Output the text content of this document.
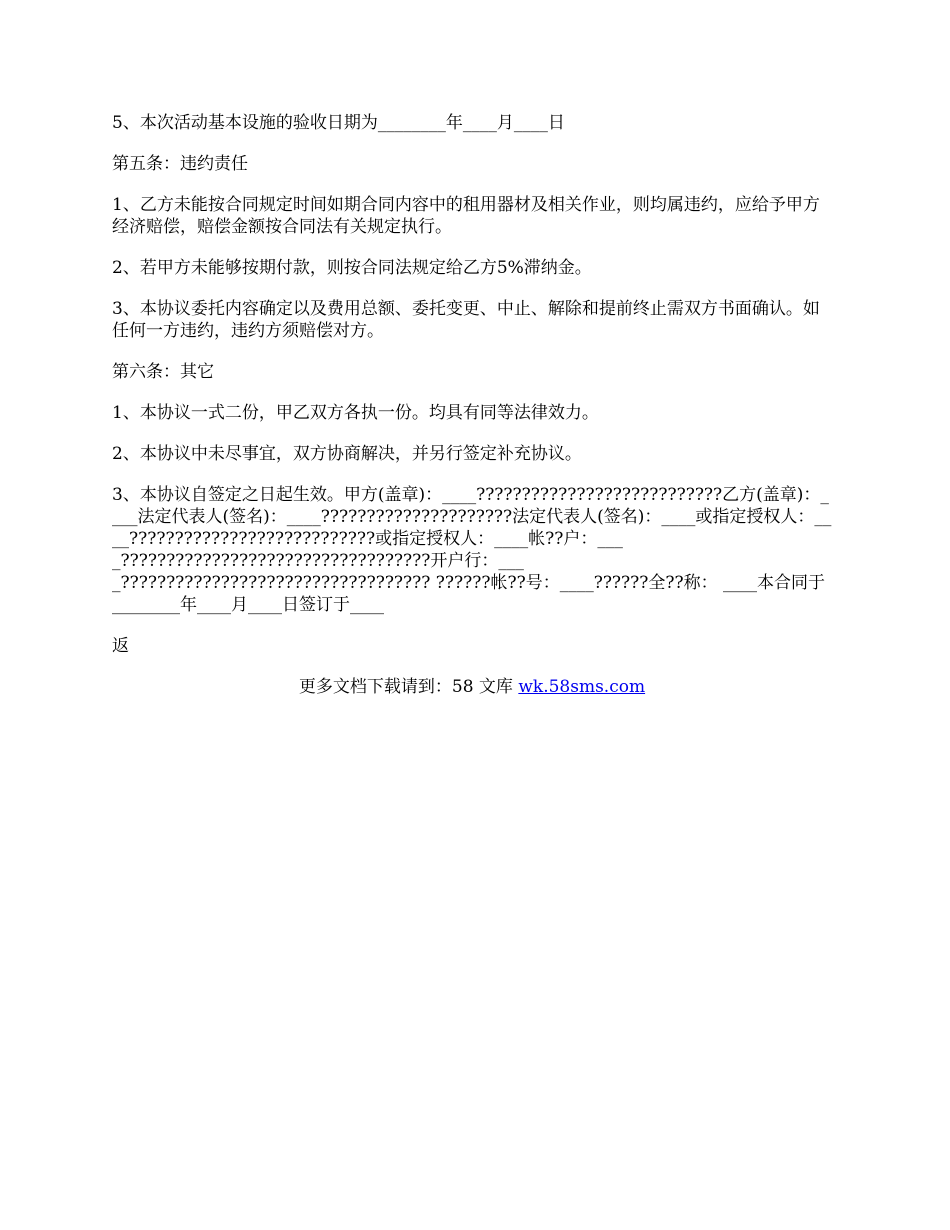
5、本次活动基本设施的验收日期为________年____月____日

第五条：违约责任

1、乙方未能按合同规定时间如期合同内容中的租用器材及相关作业，则均属违约，应给予甲方经济赔偿，赔偿金额按合同法有关规定执行。

2、若甲方未能够按期付款，则按合同法规定给乙方5%滞纳金。

3、本协议委托内容确定以及费用总额、委托变更、中止、解除和提前终止需双方书面确认。如任何一方违约，违约方须赔偿对方。

第六条：其它

1、本协议一式二份，甲乙双方各执一份。均具有同等法律效力。

2、本协议中未尽事宜，双方协商解决，并另行签定补充协议。

3、本协议自签定之日起生效。甲方(盖章)：____???????????????????????????乙方(盖章)：____法定代表人(签名)：____?????????????????????法定代表人(签名)：____或指定授权人：____???????????????????????????或指定授权人：____帐??户：____??????????????????????????????????开户行：____?????????????????????????????????? ??????帐??号：____??????全??称： ____本合同于________年____月____日签订于____

返

更多文档下载请到：58 文库 wk.58sms.com
